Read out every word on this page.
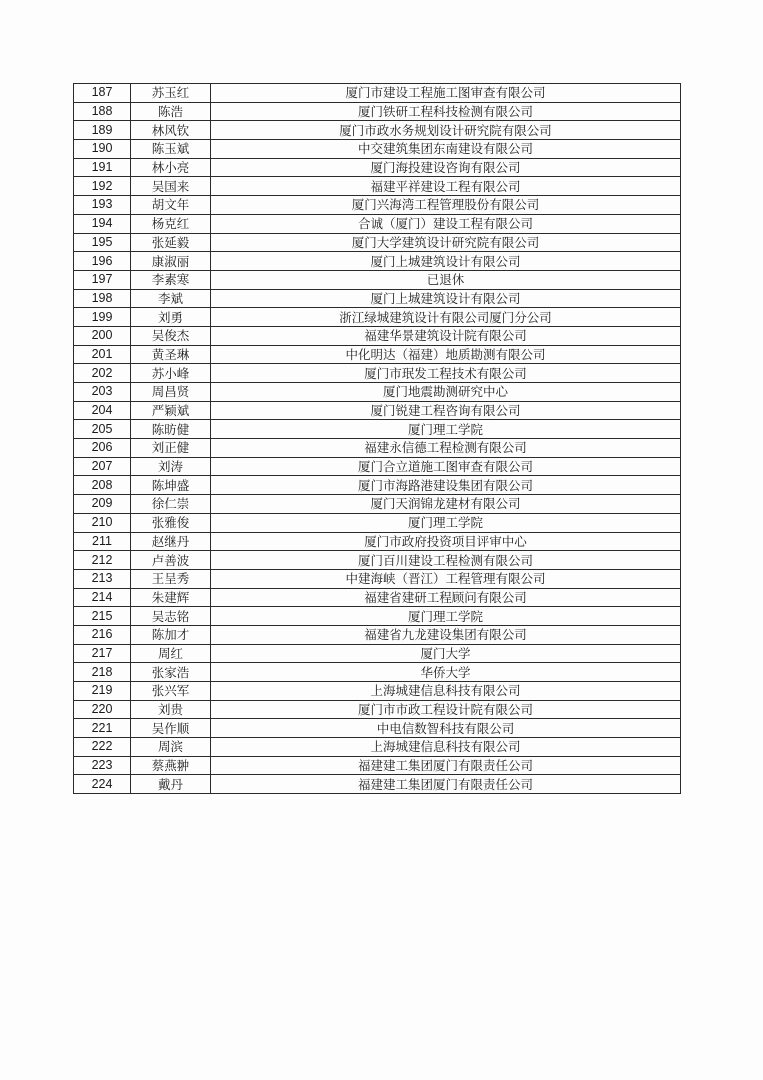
187	苏玉红	厦门市建设工程施工图审查有限公司
188	陈浩	厦门铁研工程科技检测有限公司
189	林风钦	厦门市政水务规划设计研究院有限公司
190	陈玉斌	中交建筑集团东南建设有限公司
191	林小亮	厦门海投建设咨询有限公司
192	吴国来	福建平祥建设工程有限公司
193	胡文年	厦门兴海湾工程管理股份有限公司
194	杨克红	合诚（厦门）建设工程有限公司
195	张延毅	厦门大学建筑设计研究院有限公司
196	康淑丽	厦门上城建筑设计有限公司
197	李素寒	已退休
198	李斌	厦门上城建筑设计有限公司
199	刘勇	浙江绿城建筑设计有限公司厦门分公司
200	吴俊杰	福建华景建筑设计院有限公司
201	黄圣琳	中化明达（福建）地质勘测有限公司
202	苏小峰	厦门市珉发工程技术有限公司
203	周昌贤	厦门地震勘测研究中心
204	严颖斌	厦门锐建工程咨询有限公司
205	陈昉健	厦门理工学院
206	刘正健	福建永信德工程检测有限公司
207	刘涛	厦门合立道施工图审查有限公司
208	陈坤盛	厦门市海路港建设集团有限公司
209	徐仁崇	厦门天润锦龙建材有限公司
210	张雅俊	厦门理工学院
211	赵继丹	厦门市政府投资项目评审中心
212	卢善波	厦门百川建设工程检测有限公司
213	王呈秀	中建海峡（晋江）工程管理有限公司
214	朱建辉	福建省建研工程顾问有限公司
215	吴志铭	厦门理工学院
216	陈加才	福建省九龙建设集团有限公司
217	周红	厦门大学
218	张家浩	华侨大学
219	张兴军	上海城建信息科技有限公司
220	刘贵	厦门市市政工程设计院有限公司
221	吴作顺	中电信数智科技有限公司
222	周滨	上海城建信息科技有限公司
223	蔡燕翀	福建建工集团厦门有限责任公司
224	戴丹	福建建工集团厦门有限责任公司
